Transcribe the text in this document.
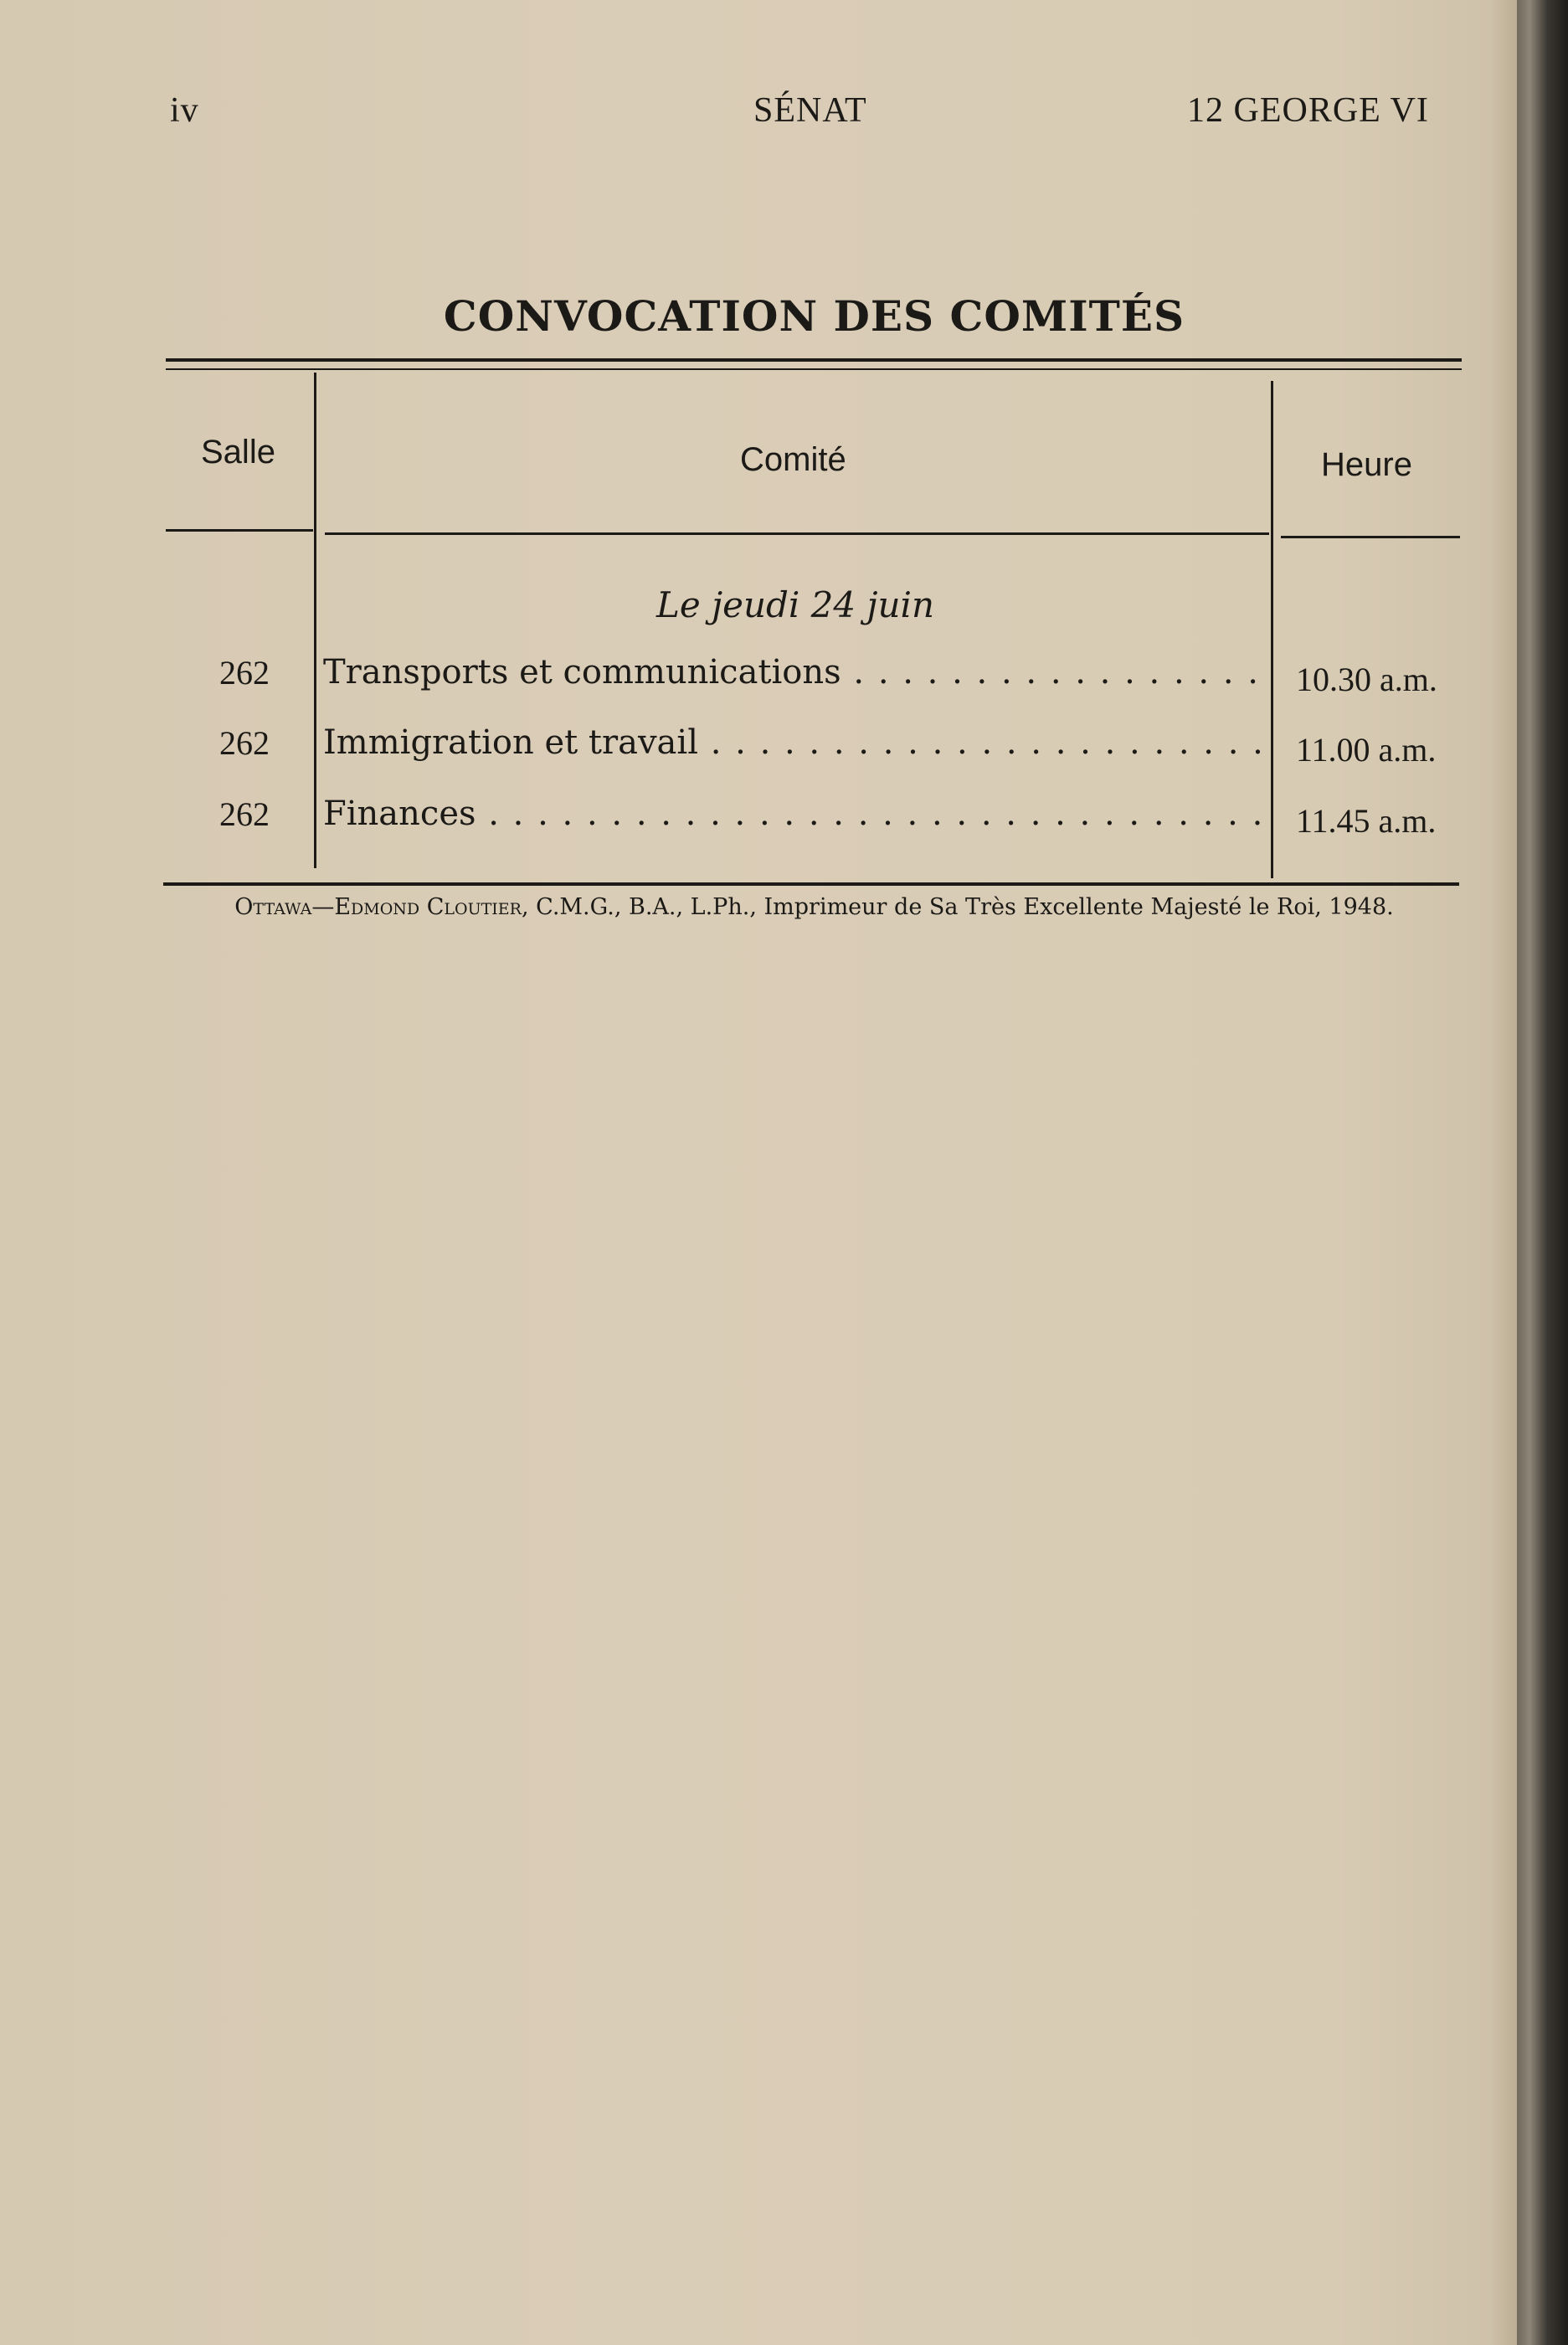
iv	SÉNAT	12 GEORGE VI
CONVOCATION DES COMITÉS
Salle	Comité	Heure
Le jeudi 24 juin
262 Transports et communications . . .	10.30 a.m.
262 Immigration et travail . . .	11.00 a.m.
262 Finances . . .	11.45 a.m.
Ottawa—Edmond Cloutier, C.M.G., B.A., L.Ph., Imprimeur de Sa Très Excellente Majesté le Roi, 1948.
